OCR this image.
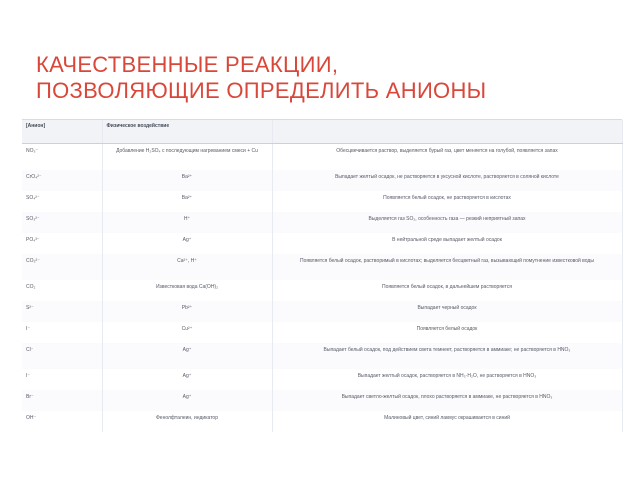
КАЧЕСТВЕННЫЕ РЕАКЦИИ,
ПОЗВОЛЯЮЩИЕ ОПРЕДЕЛИТЬ АНИОНЫ
[Анион]	Физическое воздействие	
NO₃⁻	Добавление H₂SO₄ с последующим нагреванием смеси + Cu	Обесцвечивается раствор, выделяется бурый газ, цвет меняется на голубой, появляется запах
CrO₄²⁻	Ba²⁺	Выпадает желтый осадок, не растворяется в уксусной кислоте, растворяется в соляной кислоте
SO₄²⁻	Ba²⁺	Появляется белый осадок, не растворяется в кислотах
SO₃²⁻	H⁺	Выделяется газ SO₂, особенность газа — резкий неприятный запах
PO₄³⁻	Ag⁺	В нейтральной среде выпадает желтый осадок
CO₃²⁻	Ca²⁺, H⁺	Появляется белый осадок, растворимый в кислотах; выделяется бесцветный газ, вызывающий помутнение известковой воды
CO₂	Известковая вода Ca(OH)₂	Появляется белый осадок, в дальнейшем растворяется
S²⁻	Pb²⁺	Выпадает черный осадок
I⁻	Cu²⁺	Появляется белый осадок
Cl⁻	Ag⁺	Выпадает белый осадок, под действием света темнеет, растворяется в аммиаке; не растворяется в HNO₃
I⁻	Ag⁺	Выпадает желтый осадок, растворяется в NH₃·H₂O, не растворяется в HNO₃
Br⁻	Ag⁺	Выпадает светло-желтый осадок, плохо растворяется в аммиаке, не растворяется в HNO₃
OH⁻	Фенолфталеин, индикатор	Малиновый цвет, синий лакмус окрашивается в синий
